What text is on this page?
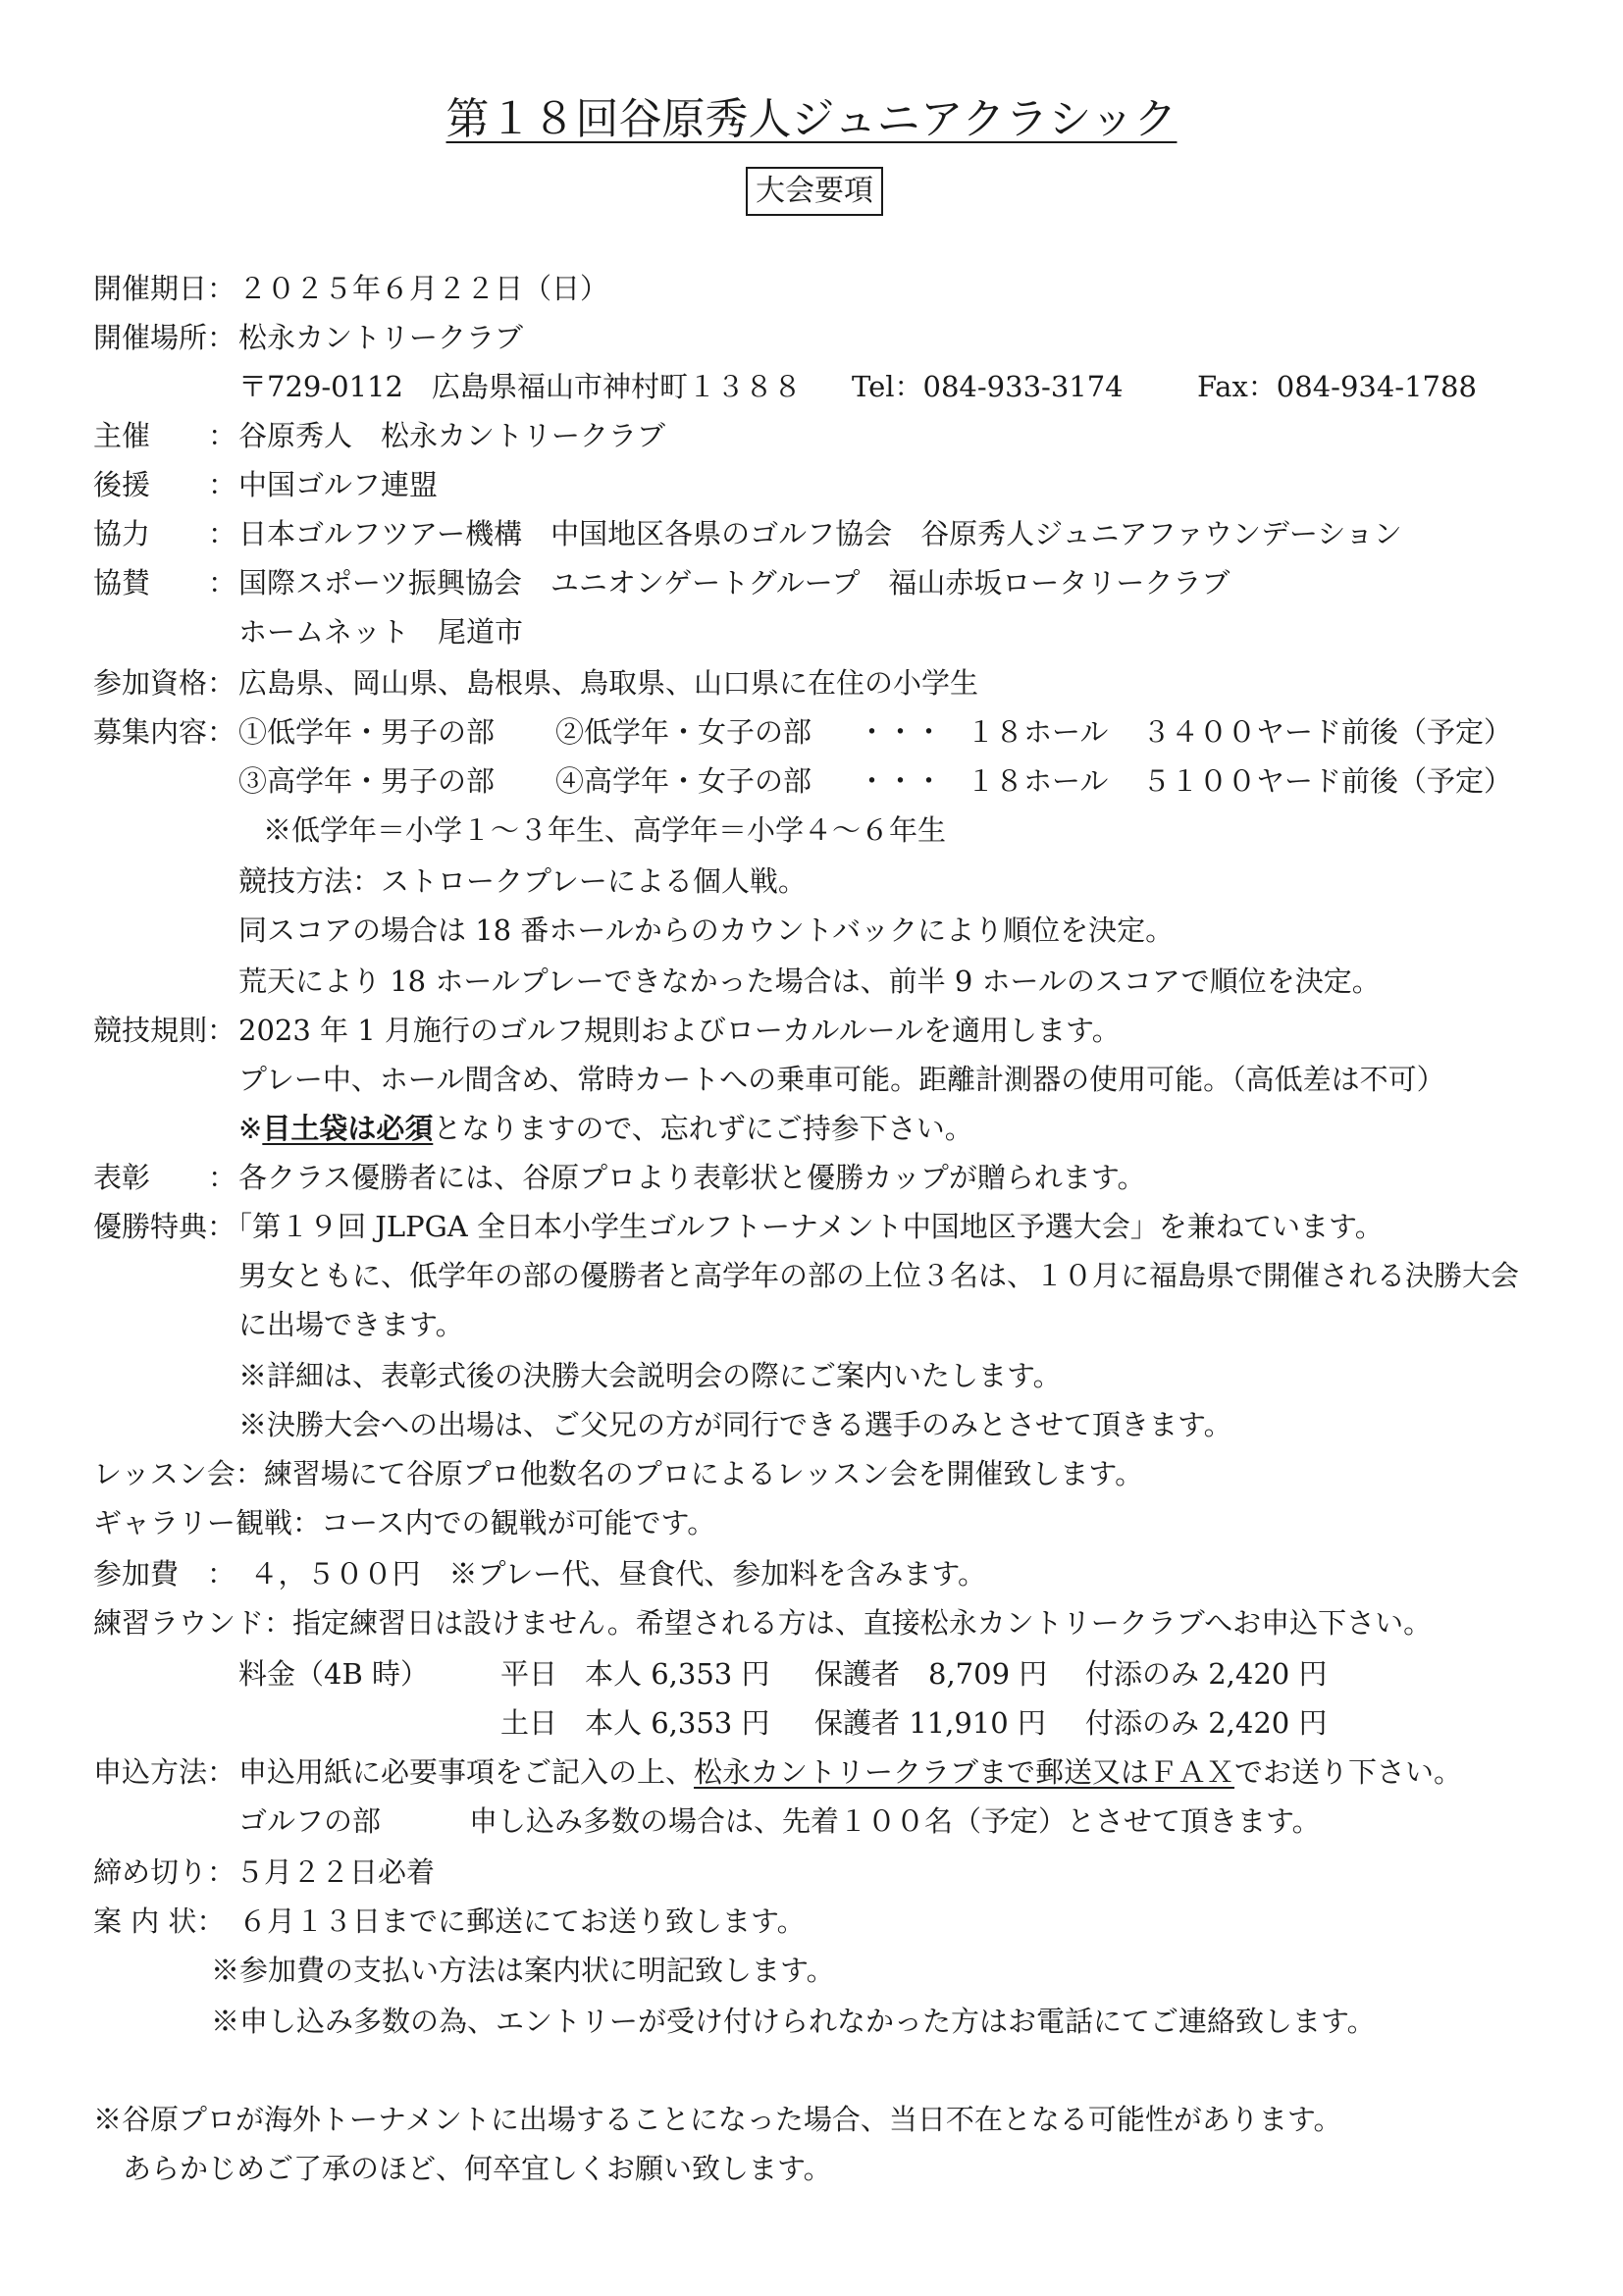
第１８回谷原秀人ジュニアクラシック
大会要項
開催期日： ２０２５年６月２２日（日）
開催場所： 松永カントリークラブ
〒729-0112　広島県福山市神村町１３８８ Tel：084‐933‐3174	Fax：084‐934‐1788
主催 ： 谷原秀人　松永カントリークラブ
後援 ： 中国ゴルフ連盟
協力 ： 日本ゴルフツアー機構　中国地区各県のゴルフ協会　谷原秀人ジュニアファウンデーション
協賛 ： 国際スポーツ振興協会　ユニオンゲートグループ　福山赤坂ロータリークラブ
ホームネット　尾道市
参加資格： 広島県、岡山県、島根県、鳥取県、山口県に在住の小学生
募集内容： ①低学年・男子の部 ②低学年・女子の部 ・・・ １８ホール ３４００ヤード前後（予定）
③高学年・男子の部 ④高学年・女子の部 ・・・ １８ホール ５１００ヤード前後（予定）
※低学年＝小学１～３年生、高学年＝小学４～６年生
競技方法：ストロークプレーによる個人戦。
同スコアの場合は 18 番ホールからのカウントバックにより順位を決定。
荒天により 18 ホールプレーできなかった場合は、前半 9 ホールのスコアで順位を決定。
競技規則： 2023 年 1 月施行のゴルフ規則およびローカルルールを適用します。
プレー中、ホール間含め、常時カートへの乗車可能。距離計測器の使用可能。（高低差は不可）
※目土袋は必須となりますので、忘れずにご持参下さい。
表彰 ： 各クラス優勝者には、谷原プロより表彰状と優勝カップが贈られます。
優勝特典：
「第１９回 JLPGA 全日本小学生ゴルフトーナメント中国地区予選大会」を兼ねています。
男女ともに、低学年の部の優勝者と高学年の部の上位３名は、１０月に福島県で開催される決勝大会
に出場できます。
※詳細は、表彰式後の決勝大会説明会の際にご案内いたします。
※決勝大会への出場は、ご父兄の方が同行できる選手のみとさせて頂きます。
レッスン会：練習場にて谷原プロ他数名のプロによるレッスン会を開催致します。
ギャラリー観戦：コース内での観戦が可能です。
参加費　：　４，５００円　※プレー代、昼食代、参加料を含みます。
練習ラウンド：指定練習日は設けません。希望される方は、直接松永カントリークラブへお申込下さい。
料金（4B 時）	平日 本人 6,353 円 保護者　8,709 円 付添のみ 2,420 円
土日 本人 6,353 円 保護者 11,910 円 付添のみ 2,420 円
申込方法： 申込用紙に必要事項をご記入の上、松永カントリークラブまで郵送又はＦＡＸでお送り下さい。
ゴルフの部	申し込み多数の場合は、先着１００名（予定）とさせて頂きます。
締め切り：５月２２日必着
案 内 状： ６月１３日までに郵送にてお送り致します。
※参加費の支払い方法は案内状に明記致します。
※申し込み多数の為、エントリーが受け付けられなかった方はお電話にてご連絡致します。
※谷原プロが海外トーナメントに出場することになった場合、当日不在となる可能性があります。
あらかじめご了承のほど、何卒宜しくお願い致します。
